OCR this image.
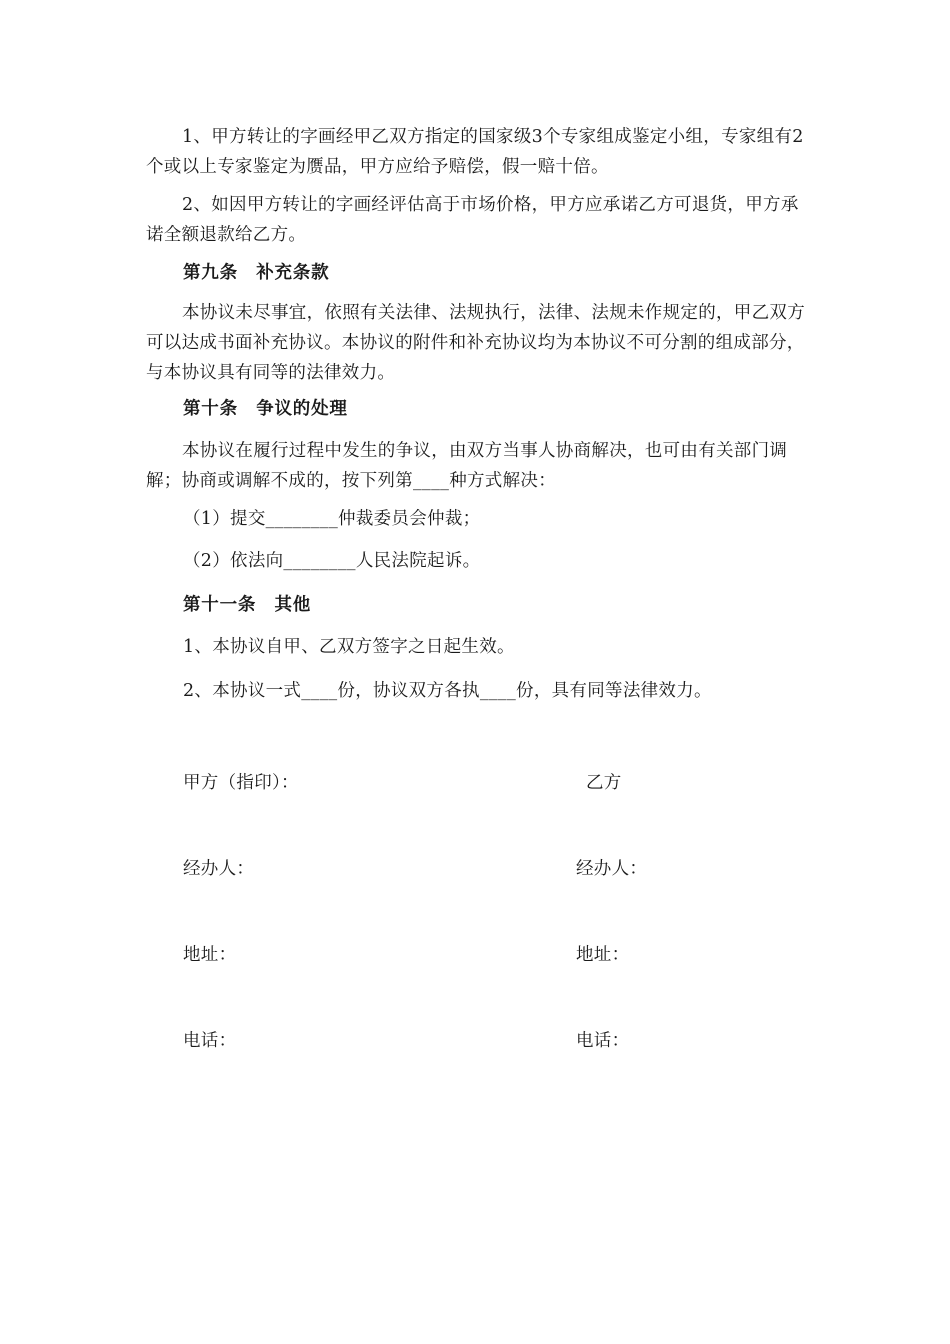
1、甲方转让的字画经甲乙双方指定的国家级3个专家组成鉴定小组，专家组有2个或以上专家鉴定为赝品，甲方应给予赔偿，假一赔十倍。

2、如因甲方转让的字画经评估高于市场价格，甲方应承诺乙方可退货，甲方承诺全额退款给乙方。

第九条　补充条款

本协议未尽事宜，依照有关法律、法规执行，法律、法规未作规定的，甲乙双方可以达成书面补充协议。本协议的附件和补充协议均为本协议不可分割的组成部分，与本协议具有同等的法律效力。

第十条　争议的处理

本协议在履行过程中发生的争议，由双方当事人协商解决，也可由有关部门调解；协商或调解不成的，按下列第____种方式解决：

（1）提交________仲裁委员会仲裁；
（2）依法向________人民法院起诉。
第十一条　其他
1、本协议自甲、乙双方签字之日起生效。
2、本协议一式____份，协议双方各执____份，具有同等法律效力。
甲方（指印）：	乙方
经办人：	经办人：
地址：	地址：
电话：	电话：
